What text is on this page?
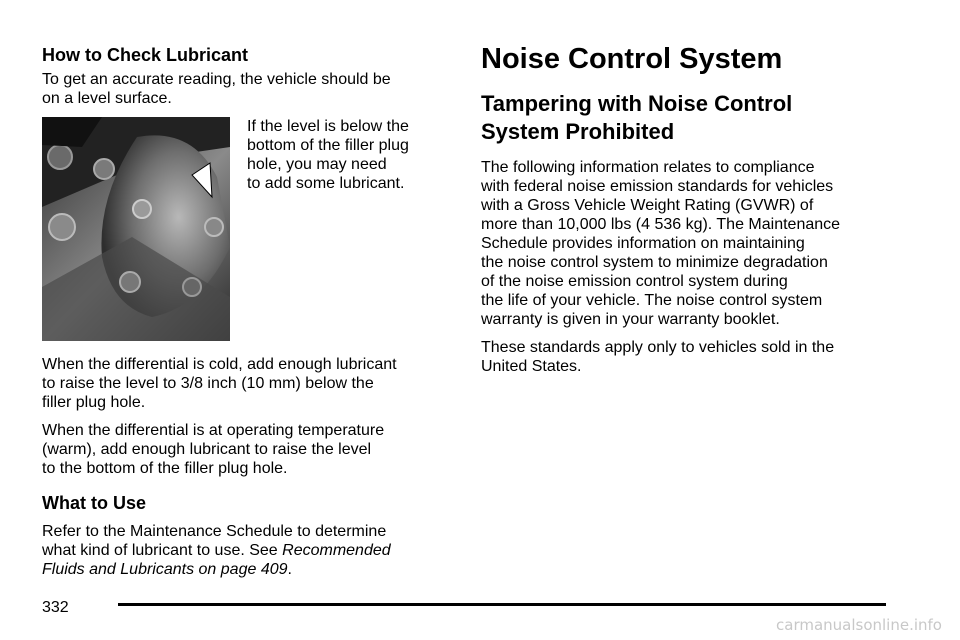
How to Check Lubricant
To get an accurate reading, the vehicle should be
on a level surface.
If the level is below the
bottom of the filler plug
hole, you may need
to add some lubricant.
When the differential is cold, add enough lubricant
to raise the level to 3/8 inch (10 mm) below the
filler plug hole.
When the differential is at operating temperature
(warm), add enough lubricant to raise the level
to the bottom of the filler plug hole.
What to Use
Refer to the Maintenance Schedule to determine
what kind of lubricant to use. See Recommended
Fluids and Lubricants on page 409.
Noise Control System
Tampering with Noise Control
System Prohibited
The following information relates to compliance
with federal noise emission standards for vehicles
with a Gross Vehicle Weight Rating (GVWR) of
more than 10,000 lbs (4 536 kg). The Maintenance
Schedule provides information on maintaining
the noise control system to minimize degradation
of the noise emission control system during
the life of your vehicle. The noise control system
warranty is given in your warranty booklet.
These standards apply only to vehicles sold in the
United States.
332
carmanualsonline.info
